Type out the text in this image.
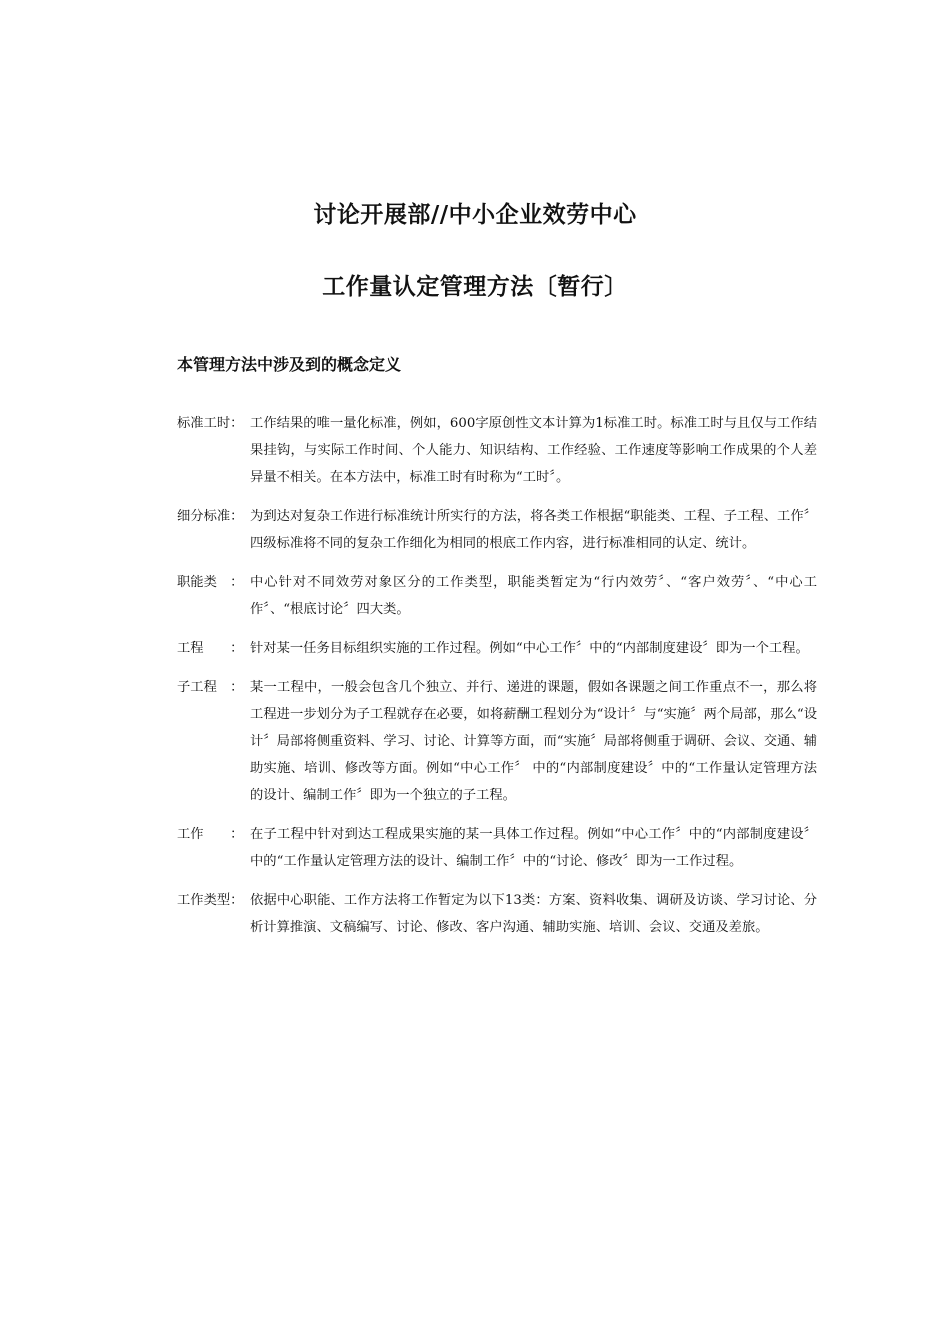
讨论开展部//中小企业效劳中心
工作量认定管理方法〔暂行〕
本管理方法中涉及到的概念定义
标准工时： 工作结果的唯一量化标准，例如，600字原创性文本计算为1标准工时。标准工时与且仅与工作结果挂钩，与实际工作时间、个人能力、知识结构、工作经验、工作速度等影响工作成果的个人差异量不相关。在本方法中，标准工时有时称为“工时〞。
细分标准： 为到达对复杂工作进行标准统计所实行的方法，将各类工作根据“职能类、工程、子工程、工作〞四级标准将不同的复杂工作细化为相同的根底工作内容，进行标准相同的认定、统计。
职能类　： 中心针对不同效劳对象区分的工作类型，职能类暂定为“行内效劳〞、“客户效劳〞、“中心工作〞、“根底讨论〞四大类。
工程　　： 针对某一任务目标组织实施的工作过程。例如“中心工作〞中的“内部制度建设〞即为一个工程。
子工程　： 某一工程中，一般会包含几个独立、并行、递进的课题，假如各课题之间工作重点不一，那么将工程进一步划分为子工程就存在必要，如将薪酬工程划分为“设计〞与“实施〞两个局部，那么“设计〞局部将侧重资料、学习、讨论、计算等方面，而“实施〞局部将侧重于调研、会议、交通、辅助实施、培训、修改等方面。例如“中心工作〞 中的“内部制度建设〞中的“工作量认定管理方法的设计、编制工作〞即为一个独立的子工程。
工作　　： 在子工程中针对到达工程成果实施的某一具体工作过程。例如“中心工作〞中的“内部制度建设〞中的“工作量认定管理方法的设计、编制工作〞中的“讨论、修改〞即为一工作过程。
工作类型： 依据中心职能、工作方法将工作暂定为以下13类：方案、资料收集、调研及访谈、学习讨论、分析计算推演、文稿编写、讨论、修改、客户沟通、辅助实施、培训、会议、交通及差旅。
